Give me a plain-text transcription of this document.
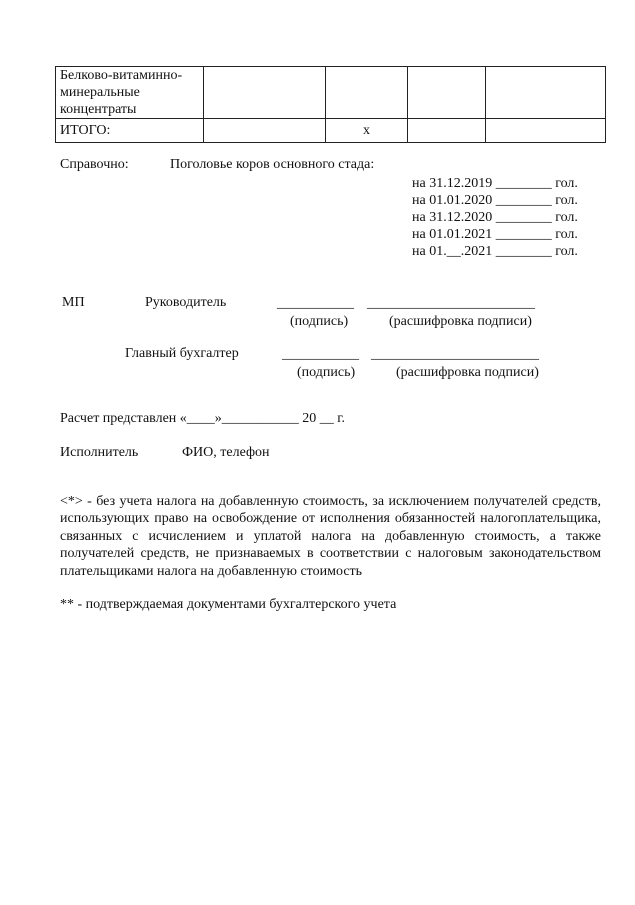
Белково-витаминно-минеральные концентраты				
ИТОГО:		х		
Справочно:	Поголовье коров основного стада:
на 31.12.2019 ________ гол.
на 01.01.2020 ________ гол.
на 31.12.2020 ________ гол.
на 01.01.2021 ________ гол.
на 01.__.2021 ________ гол.
МП	Руководитель	___________ ________________________
(подпись)	(расшифровка подписи)
Главный бухгалтер	___________ ________________________
(подпись)	(расшифровка подписи)
Расчет представлен «____»___________ 20 __ г.
Исполнитель	ФИО, телефон
<*> - без учета налога на добавленную стоимость, за исключением получателей средств, использующих право на освобождение от исполнения обязанностей налогоплательщика, связанных с исчислением и уплатой налога на добавленную стоимость, а также получателей средств, не признаваемых в соответствии с налоговым законодательством плательщиками налога на добавленную стоимость
** - подтверждаемая документами бухгалтерского учета
